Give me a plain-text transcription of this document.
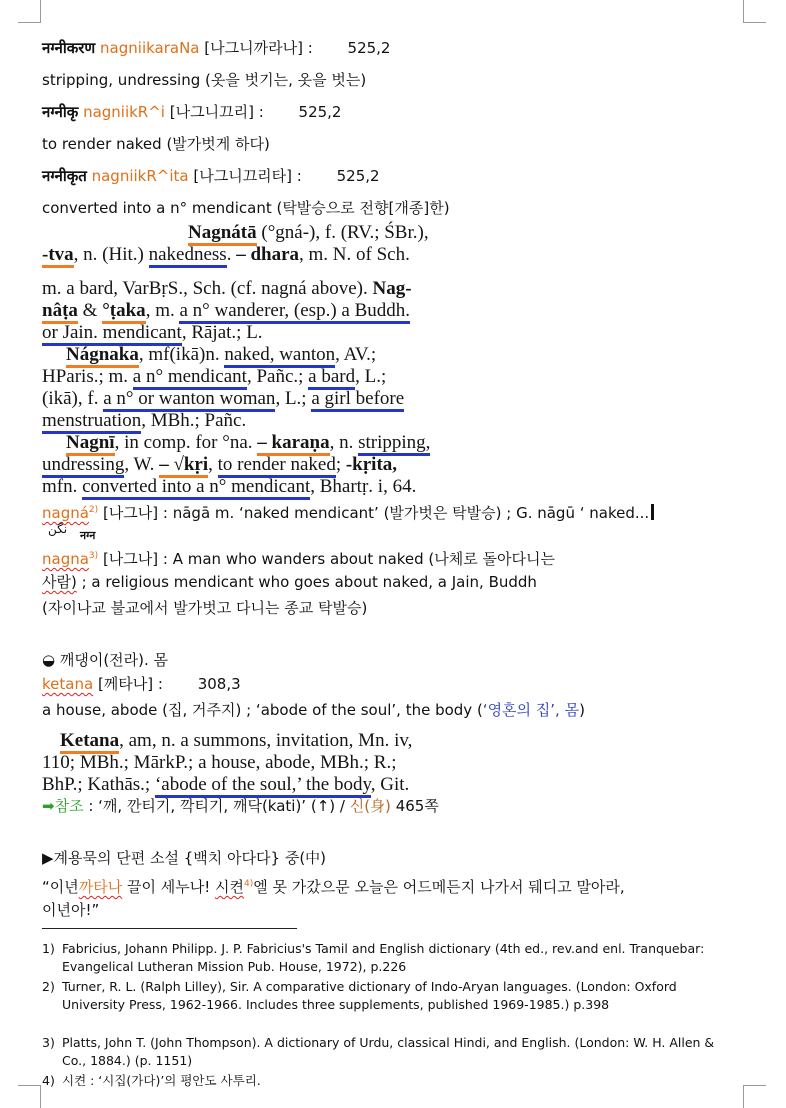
नग्नीकरण nagniikaraNa [나그니까라나] : 525,2
stripping, undressing (옷을 벗기는, 옷을 벗는)
नग्नीकृ nagniikR^i [나그니끄리] : 525,2
to render naked (발가벗게 하다)
नग्नीकृत nagniikR^ita [나그니끄리타] : 525,2
converted into a n° mendicant (탁발승으로 전향[개종]한)
Nagnátā (°gná-), f. (RV.; ŚBr.),
-tva, n. (Hit.) nakedness. – dhara, m. N. of Sch.
m. a bard, VarBṛS., Sch. (cf. nagná above). Nag-
nâṭa & °ṭaka, m. a n° wanderer, (esp.) a Buddh.
or Jain. mendicant, Rājat.; L.
Nágnaka, mf(ikā)n. naked, wanton, AV.;
HParis.; m. a n° mendicant, Pañc.; a bard, L.;
(ikā), f. a n° or wanton woman, L.; a girl before
menstruation, MBh.; Pañc.
Nagnī, in comp. for °na. – karaṇa, n. stripping,
undressing, W. – √kṛi, to render naked; -kṛita,
mfn. converted into a n° mendicant, Bhartṛ. i, 64.
nagná$^{2)}$ [나그나] : nāgā m. ‘naked mendicant’ (발가벗은 탁발승) ; G. nāgū ‘ naked...
نگن नग्न
nagna$^{3)}$ [나그나] : A man who wanders about naked (나체로 돌아다니는
사람) ; a religious mendicant who goes about naked, a Jain, Buddh
(자이나교 불교에서 발가벗고 다니는 종교 탁발승)
◒ 깨댕이(전라). 몸
ketana [께타나] : 308,3
a house, abode (집, 거주지) ; ‘abode of the soul’, the body (‘영혼의 집’, 몸)
Ketana, am, n. a summons, invitation, Mn. iv,
110; MBh.; MārkP.; a house, abode, MBh.; R.;
BhP.; Kathās.; ‘abode of the soul,’ the body, Git.
➡참조 : ‘깨, 깐티기, 깍티기, 깨닥(kati)’ (↑) / 신(身) 465쪽
▶계용묵의 단편 소설 {백치 아다다} 중(中)
“이년까타나 끌이 세누나! 시켠$^{4)}$엘 못 가갔으문 오늘은 어드메든지 나가서 뒈디고 말아라,
이년아!”
1) Fabricius, Johann Philipp. J. P. Fabricius's Tamil and English dictionary (4th ed., rev.and enl. Tranquebar: Evangelical Lutheran Mission Pub. House, 1972), p.226
2) Turner, R. L. (Ralph Lilley), Sir. A comparative dictionary of Indo-Aryan languages. (London: Oxford University Press, 1962-1966. Includes three supplements, published 1969-1985.) p.398
3) Platts, John T. (John Thompson). A dictionary of Urdu, classical Hindi, and English. (London: W. H. Allen & Co., 1884.) (p. 1151)
4) 시켠 : ‘시집(가다)’의 평안도 사투리.
